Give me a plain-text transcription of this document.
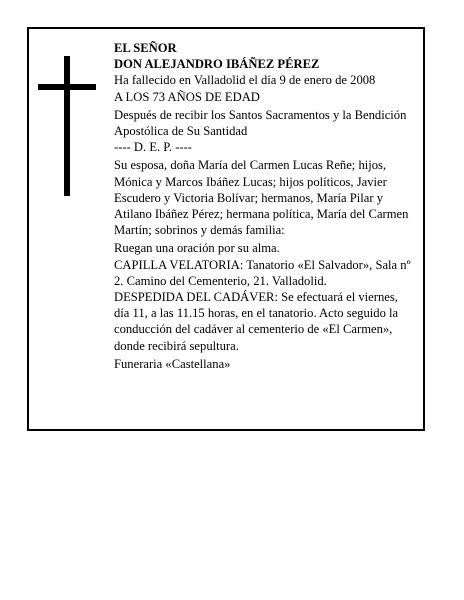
EL SEÑOR

DON ALEJANDRO IBÁÑEZ PÉREZ

Ha fallecido en Valladolid el día 9 de enero de 2008

A LOS 73 AÑOS DE EDAD

Después de recibir los Santos Sacramentos y la Bendición Apostólica de Su Santidad

---- D. E. P. ----

Su esposa, doña María del Carmen Lucas Reñe; hijos, Mónica y Marcos Ibáñez Lucas; hijos políticos, Javier Escudero y Victoria Bolívar; hermanos, María Pilar y Atilano Ibáñez Pérez; hermana política, María del Carmen Martín; sobrinos y demás familia:

Ruegan una oración por su alma.

CAPILLA VELATORIA: Tanatorio «El Salvador», Sala nº 2. Camino del Cementerio, 21. Valladolid.

DESPEDIDA DEL CADÁVER: Se efectuará el viernes, día 11, a las 11.15 horas, en el tanatorio. Acto seguido la conducción del cadáver al cementerio de «El Carmen», donde recibirá sepultura.

Funeraria «Castellana»
